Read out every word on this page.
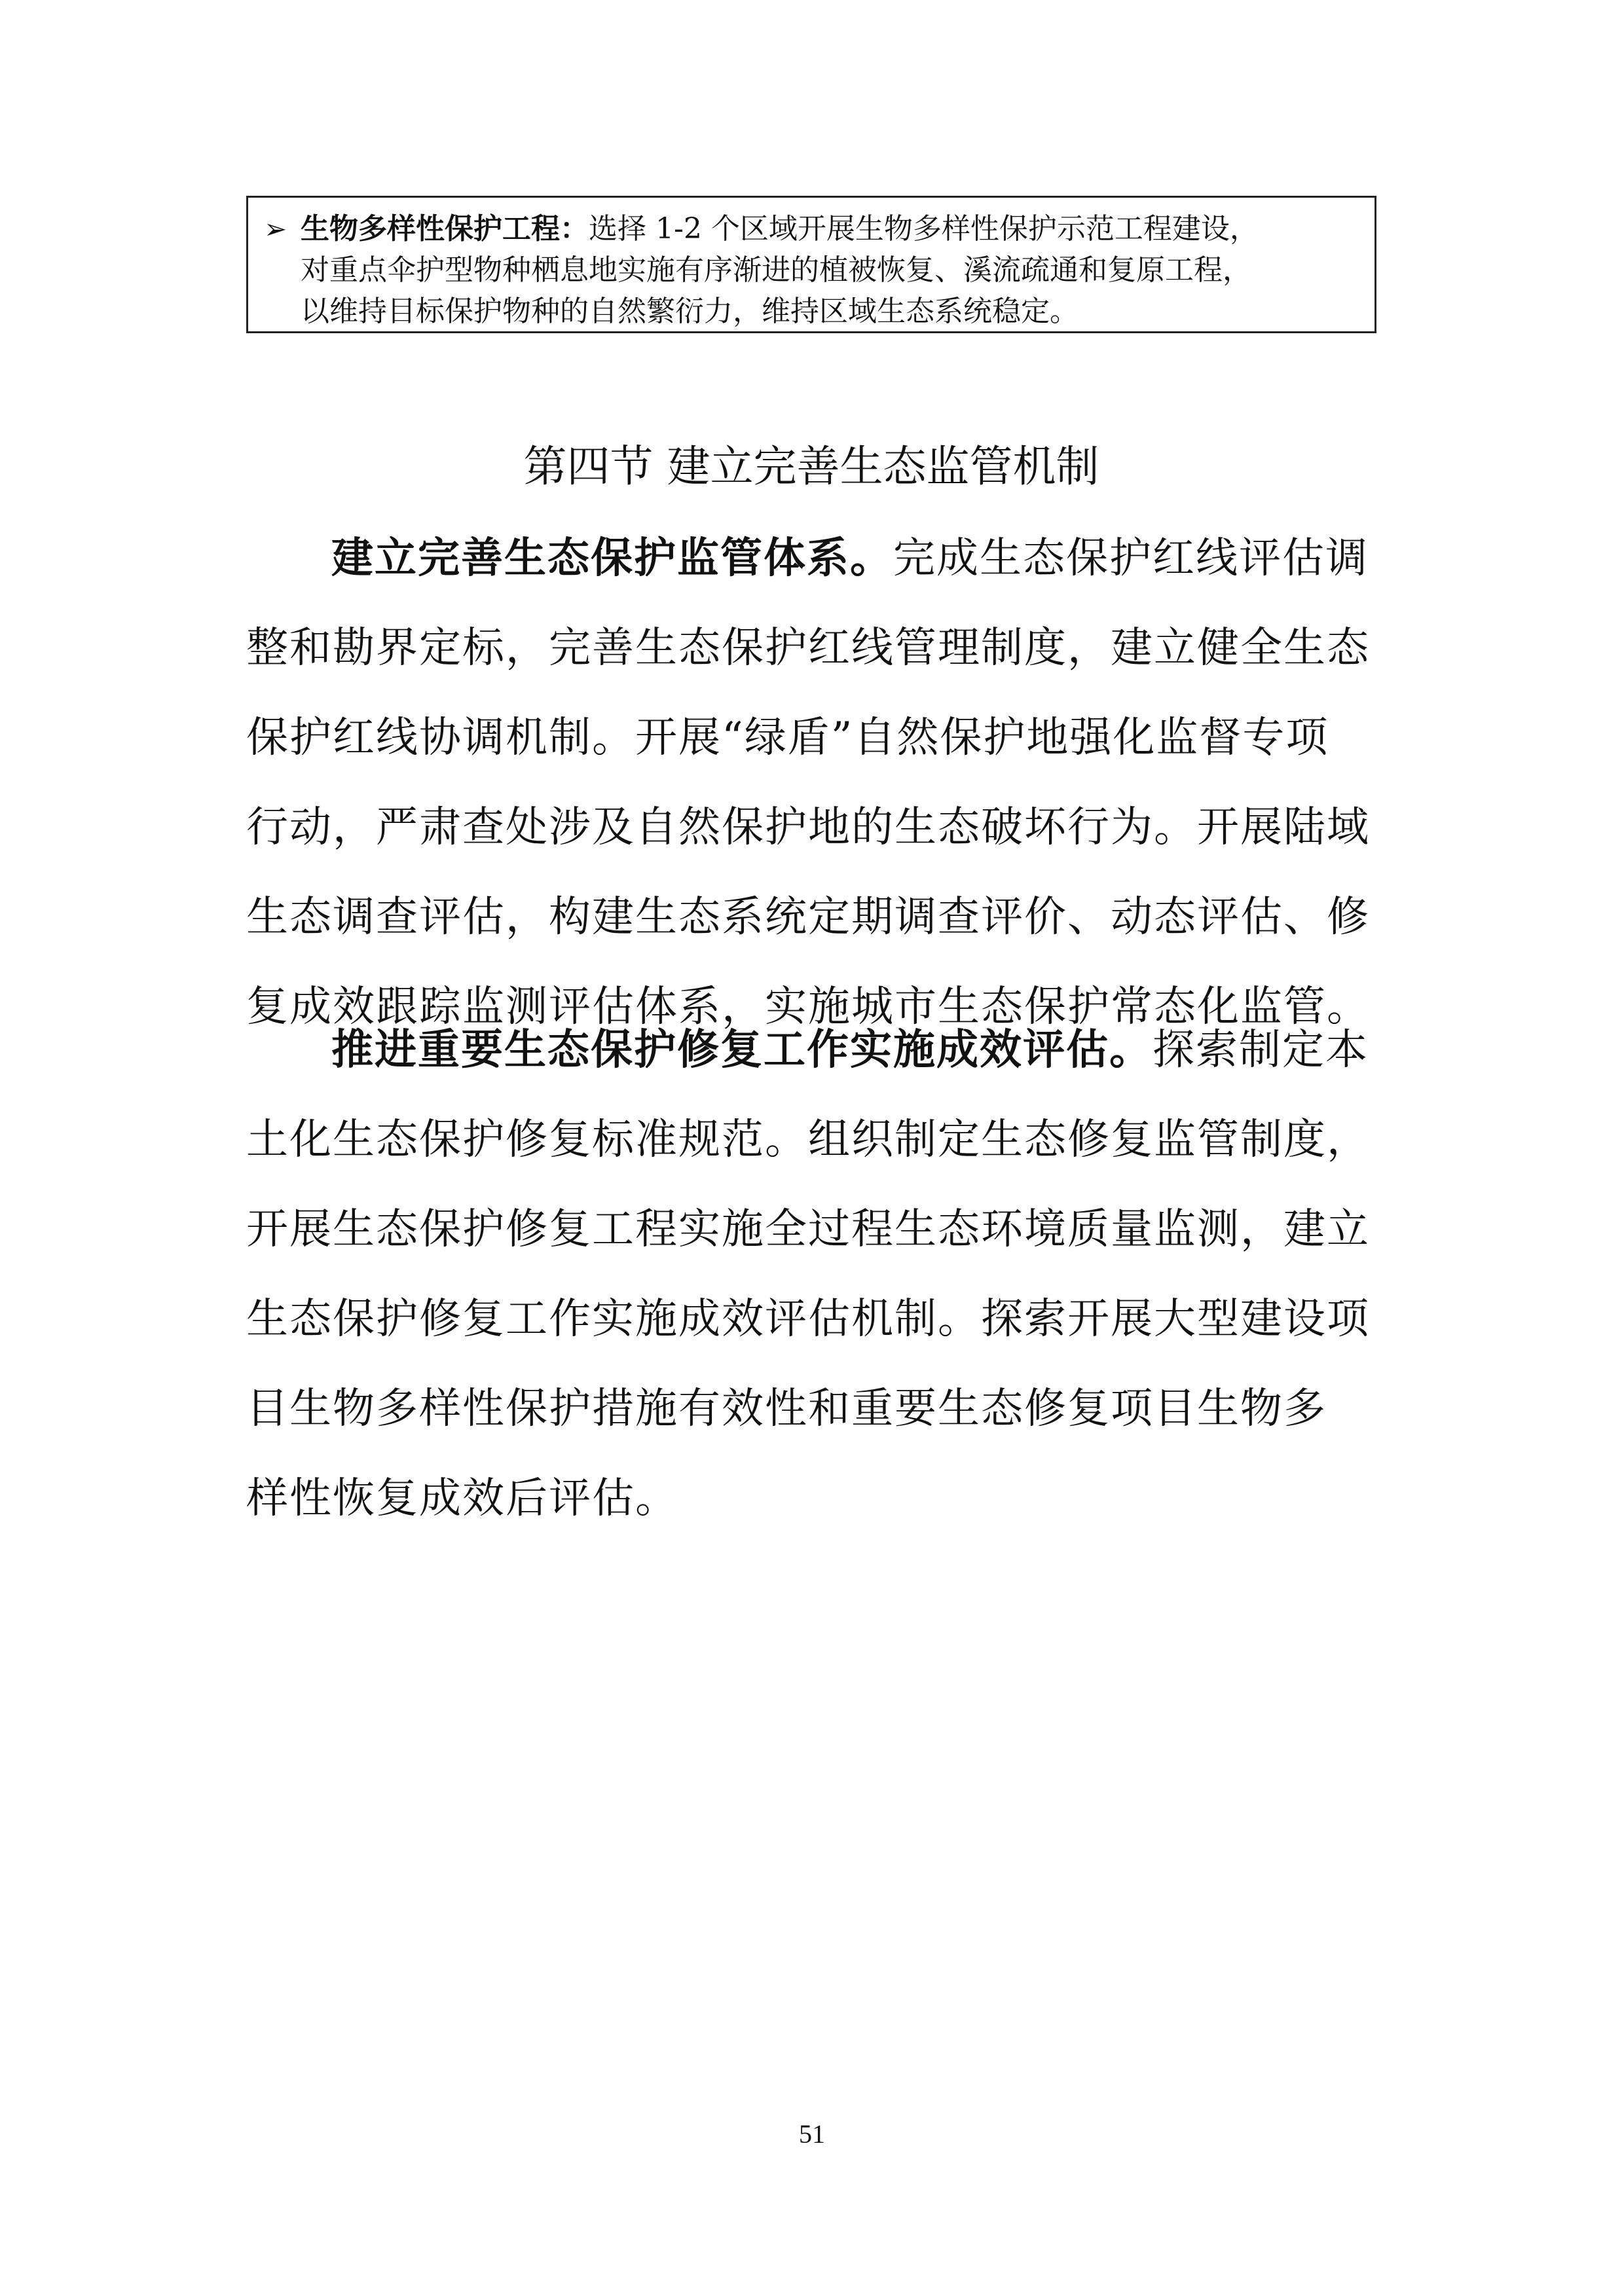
➢ 生物多样性保护工程：选择 1-2 个区域开展生物多样性保护示范工程建设，
对重点伞护型物种栖息地实施有序渐进的植被恢复、溪流疏通和复原工程，
以维持目标保护物种的自然繁衍力，维持区域生态系统稳定。
第四节 建立完善生态监管机制
建立完善生态保护监管体系。完成生态保护红线评估调
整和勘界定标，完善生态保护红线管理制度，建立健全生态
保护红线协调机制。开展“绿盾”自然保护地强化监督专项
行动，严肃查处涉及自然保护地的生态破坏行为。开展陆域
生态调查评估，构建生态系统定期调查评价、动态评估、修
复成效跟踪监测评估体系，实施城市生态保护常态化监管。
推进重要生态保护修复工作实施成效评估。探索制定本
土化生态保护修复标准规范。组织制定生态修复监管制度，
开展生态保护修复工程实施全过程生态环境质量监测，建立
生态保护修复工作实施成效评估机制。探索开展大型建设项
目生物多样性保护措施有效性和重要生态修复项目生物多
样性恢复成效后评估。
51
